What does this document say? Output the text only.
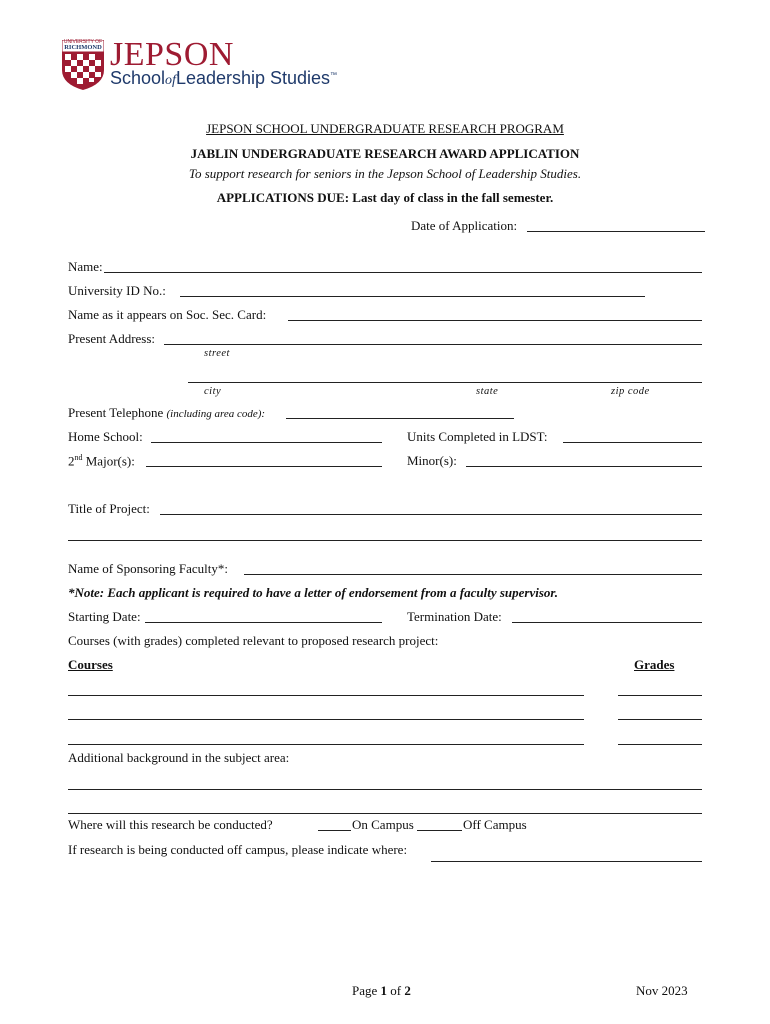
UNIVERSITY OF
RICHMOND JEPSON
SchoolofLeadership Studies™
JEPSON SCHOOL UNDERGRADUATE RESEARCH PROGRAM
JABLIN UNDERGRADUATE RESEARCH AWARD APPLICATION
To support research for seniors in the Jepson School of Leadership Studies.
APPLICATIONS DUE: Last day of class in the fall semester.
Date of Application:
Name:
University ID No.:
Name as it appears on Soc. Sec. Card:
Present Address:
street
city	state	zip code
Present Telephone (including area code):
Home School:	Units Completed in LDST:
2nd Major(s):	Minor(s):
Title of Project:
Name of Sponsoring Faculty*:
*Note: Each applicant is required to have a letter of endorsement from a faculty supervisor.
Starting Date:	Termination Date:
Courses (with grades) completed relevant to proposed research project:
Courses	Grades
Additional background in the subject area:
Where will this research be conducted?	On Campus	Off Campus
If research is being conducted off campus, please indicate where:
Page 1 of 2	Nov 2023
